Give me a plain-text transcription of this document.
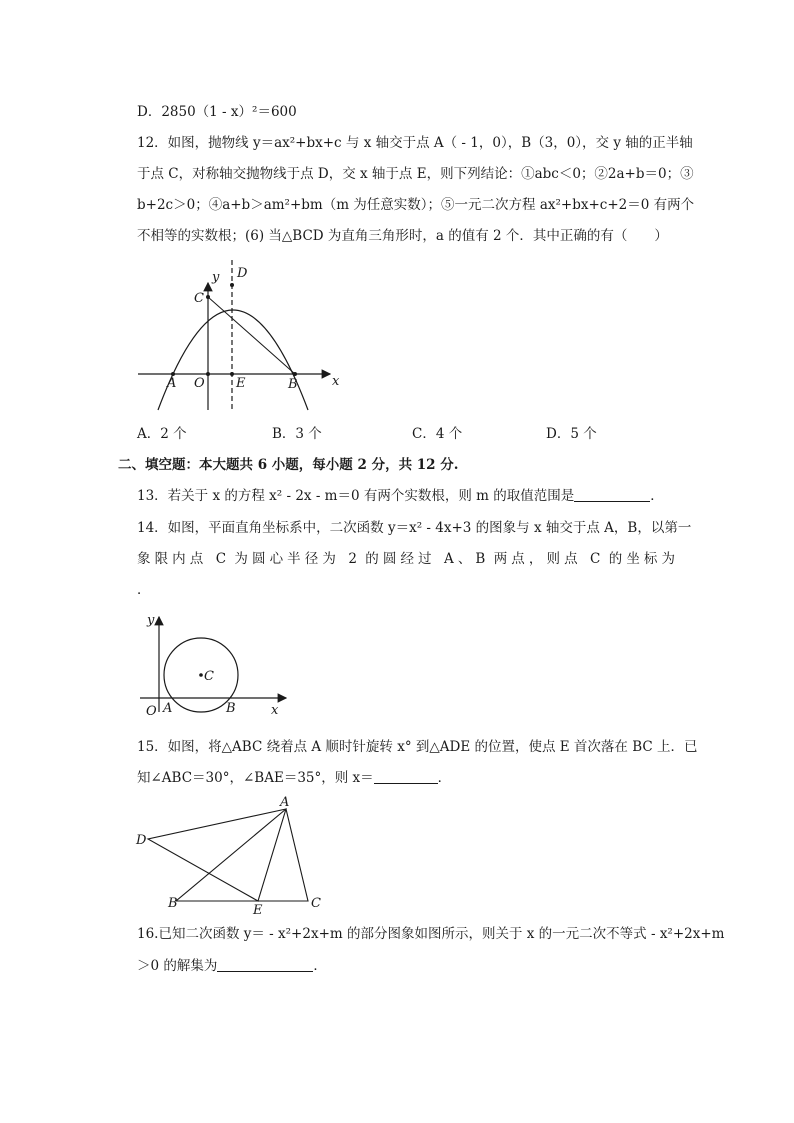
D．2850（1 - x）²＝600
12．如图，抛物线 y＝ax²+bx+c 与 x 轴交于点 A（ - 1，0），B（3，0），交 y 轴的正半轴
于点 C，对称轴交抛物线于点 D，交 x 轴于点 E，则下列结论：①abc＜0；②2a+b＝0；③
b+2c＞0；④a+b＞am²+bm（m 为任意实数）；⑤一元二次方程 ax²+bx+c+2＝0 有两个
不相等的实数根；(6) 当△BCD 为直角三角形时，a 的值有 2 个．其中正确的有（　　）
y D
C
x
A O E	B
A．2 个	B．3 个	C．4 个	D．5 个
二、填空题：本大题共 6 小题，每小题 2 分，共 12 分.
13．若关于 x 的方程 x² - 2x - m＝0 有两个实数根，则 m 的取值范围是	．
14．如图，平面直角坐标系中，二次函数 y＝x² - 4x+3 的图象与 x 轴交于点 A，B，以第一
象限内点 C 为圆心半径为 2 的圆经过 A、B 两点，则点 C 的坐标为
．
y
C
O A	B	x
15．如图，将△ABC 绕着点 A 顺时针旋转 x° 到△ADE 的位置，使点 E 首次落在 BC 上．已
知∠ABC＝30°，∠BAE＝35°，则 x＝	．
A
D
B	E	C
16.已知二次函数 y＝ - x²+2x+m 的部分图象如图所示，则关于 x 的一元二次不等式 - x²+2x+m
＞0 的解集为	．
